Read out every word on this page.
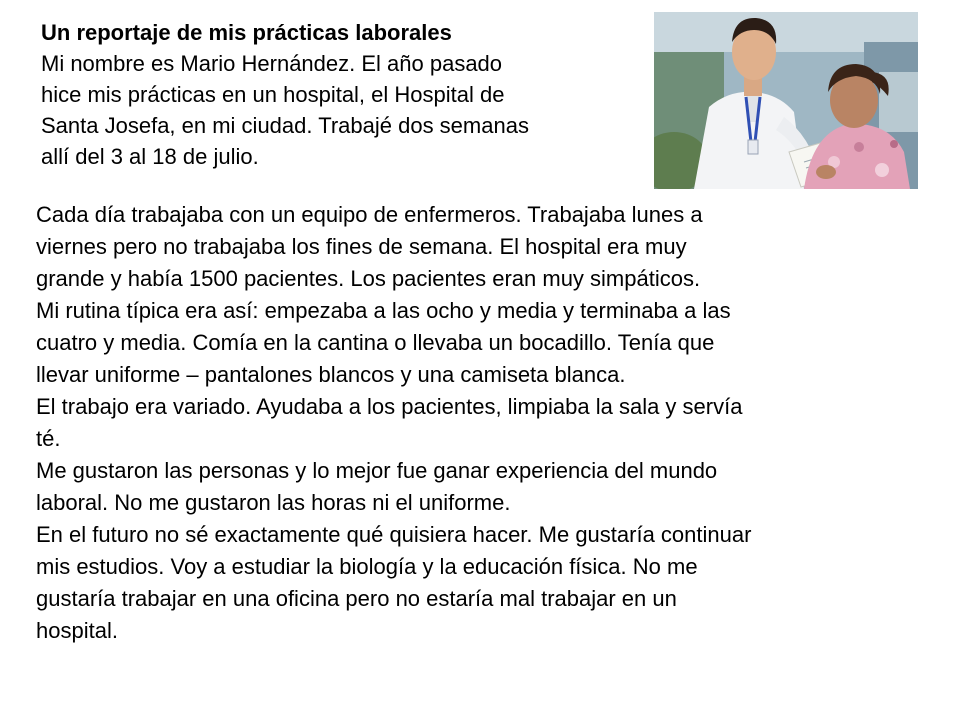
Un reportaje de mis prácticas laborales

Mi nombre es Mario Hernández. El año pasado

hice mis prácticas en un hospital, el Hospital de

Santa Josefa, en mi ciudad. Trabajé dos semanas

allí del 3 al 18 de julio.

Cada día trabajaba con un equipo de enfermeros. Trabajaba lunes a

viernes pero no trabajaba los fines de semana. El hospital era muy

grande y había 1500 pacientes. Los pacientes eran muy simpáticos.

Mi rutina típica era así: empezaba a las ocho y media y terminaba a las

cuatro y media. Comía en la cantina o llevaba un bocadillo. Tenía que

llevar uniforme – pantalones blancos y una camiseta blanca.

El trabajo era variado. Ayudaba a los pacientes, limpiaba la sala y servía

té.

Me gustaron las personas y lo mejor fue ganar experiencia del mundo

laboral. No me gustaron las horas ni el uniforme.

En el futuro no sé exactamente qué quisiera hacer. Me gustaría continuar

mis estudios. Voy a estudiar la biología y la educación física. No me

gustaría trabajar en una oficina pero no estaría mal trabajar en un

hospital.
